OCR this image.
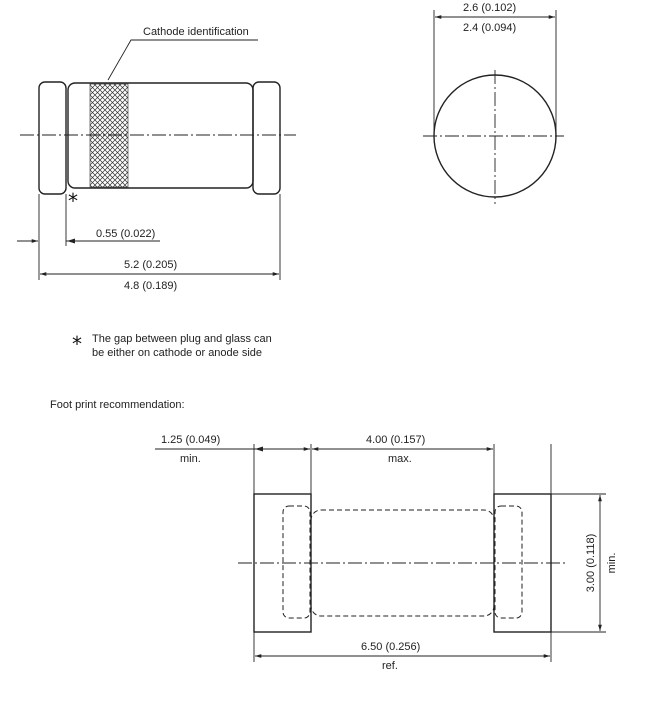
Cathode identification
*
0.55 (0.022)
5.2 (0.205)
4.8 (0.189)
2.6 (0.102)
2.4 (0.094)
* The gap between plug and glass can
be either on cathode or anode side
Foot print recommendation:
1.25 (0.049)
min.
4.00 (0.157)
max.
6.50 (0.256)
ref.
3.00 (0.118) min.
